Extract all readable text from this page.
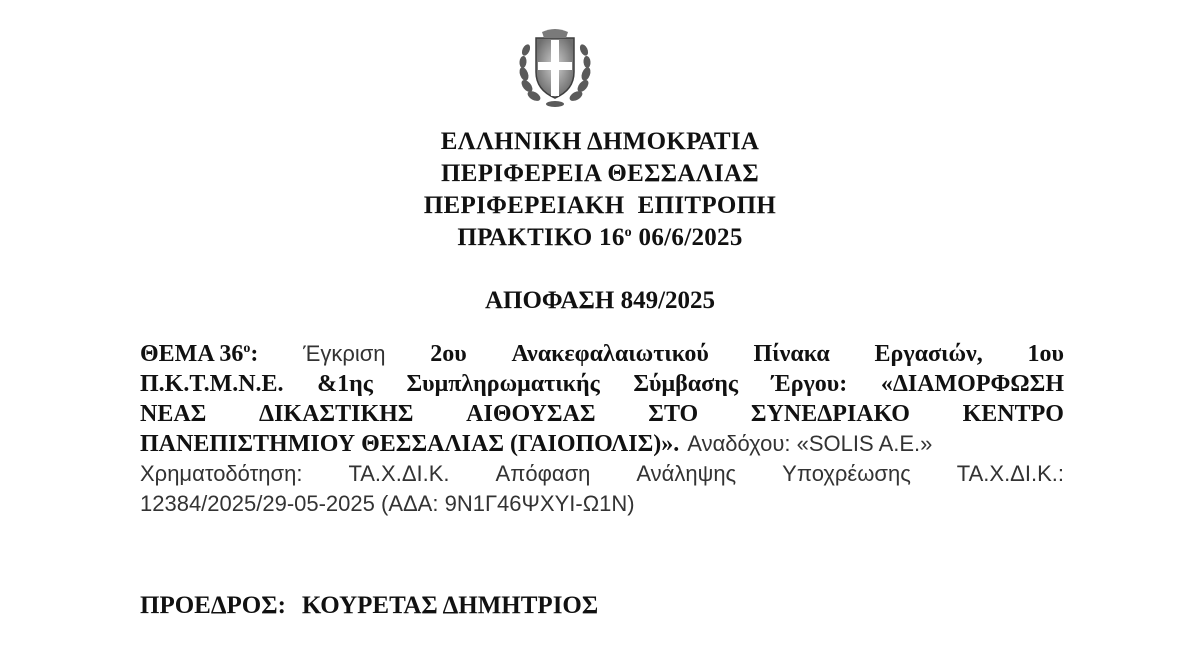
ΕΛΛΗΝΙΚΗ ΔΗΜΟΚΡΑΤΙΑ
ΠΕΡΙΦΕΡΕΙΑ ΘΕΣΣΑΛΙΑΣ
ΠΕΡΙΦΕΡΕΙΑΚΗ  ΕΠΙΤΡΟΠΗ
ΠΡΑΚΤΙΚΟ $16^o$ 06/6/2025
ΑΠΟΦΑΣΗ 849/2025
ΘΕΜΑ $36^o$: Έγκριση 2ου Ανακεφαλαιωτικού Πίνακα Εργασιών, 1ου
Π.Κ.Τ.Μ.Ν.Ε. &1ης Συμπληρωματικής Σύμβασης Έργου: «ΔΙΑΜΟΡΦΩΣΗ
ΝΕΑΣ ΔΙΚΑΣΤΙΚΗΣ ΑΙΘΟΥΣΑΣ ΣΤΟ ΣΥΝΕΔΡΙΑΚΟ ΚΕΝΤΡΟ
ΠΑΝΕΠΙΣΤΗΜΙΟΥ ΘΕΣΣΑΛΙΑΣ (ΓΑΙΟΠΟΛΙΣ)». Αναδόχου: «SOLIS A.E.»
Χρηματοδότηση: ΤΑ.Χ.ΔΙ.Κ. Απόφαση Ανάληψης Υποχρέωσης ΤΑ.Χ.ΔΙ.Κ.:
12384/2025/29-05-2025 (ΑΔΑ: 9Ν1Γ46ΨΧΥΙ-Ω1Ν)
ΠΡΟΕΔΡΟΣ: ΚΟΥΡΕΤΑΣ ΔΗΜΗΤΡΙΟΣ
